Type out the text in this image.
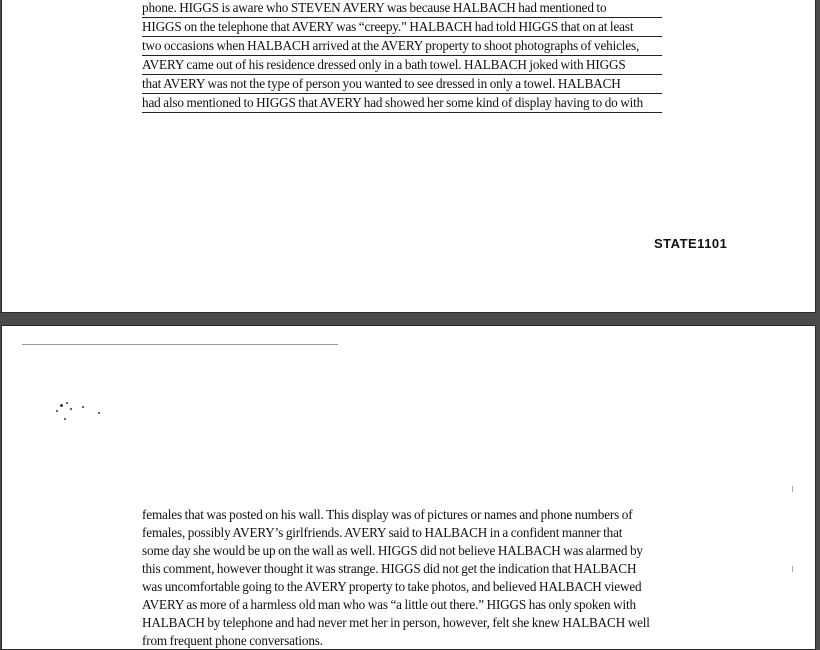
phone. HIGGS is aware who STEVEN AVERY was because HALBACH had mentioned to
HIGGS on the telephone that AVERY was “creepy.” HALBACH had told HIGGS that on at least
two occasions when HALBACH arrived at the AVERY property to shoot photographs of vehicles,
AVERY came out of his residence dressed only in a bath towel. HALBACH joked with HIGGS
that AVERY was not the type of person you wanted to see dressed in only a towel. HALBACH
had also mentioned to HIGGS that AVERY had showed her some kind of display having to do with
STATE1101
females that was posted on his wall. This display was of pictures or names and phone numbers of
females, possibly AVERY’s girlfriends. AVERY said to HALBACH in a confident manner that
some day she would be up on the wall as well. HIGGS did not believe HALBACH was alarmed by
this comment, however thought it was strange. HIGGS did not get the indication that HALBACH
was uncomfortable going to the AVERY property to take photos, and believed HALBACH viewed
AVERY as more of a harmless old man who was “a little out there.” HIGGS has only spoken with
HALBACH by telephone and had never met her in person, however, felt she knew HALBACH well
from frequent phone conversations.
